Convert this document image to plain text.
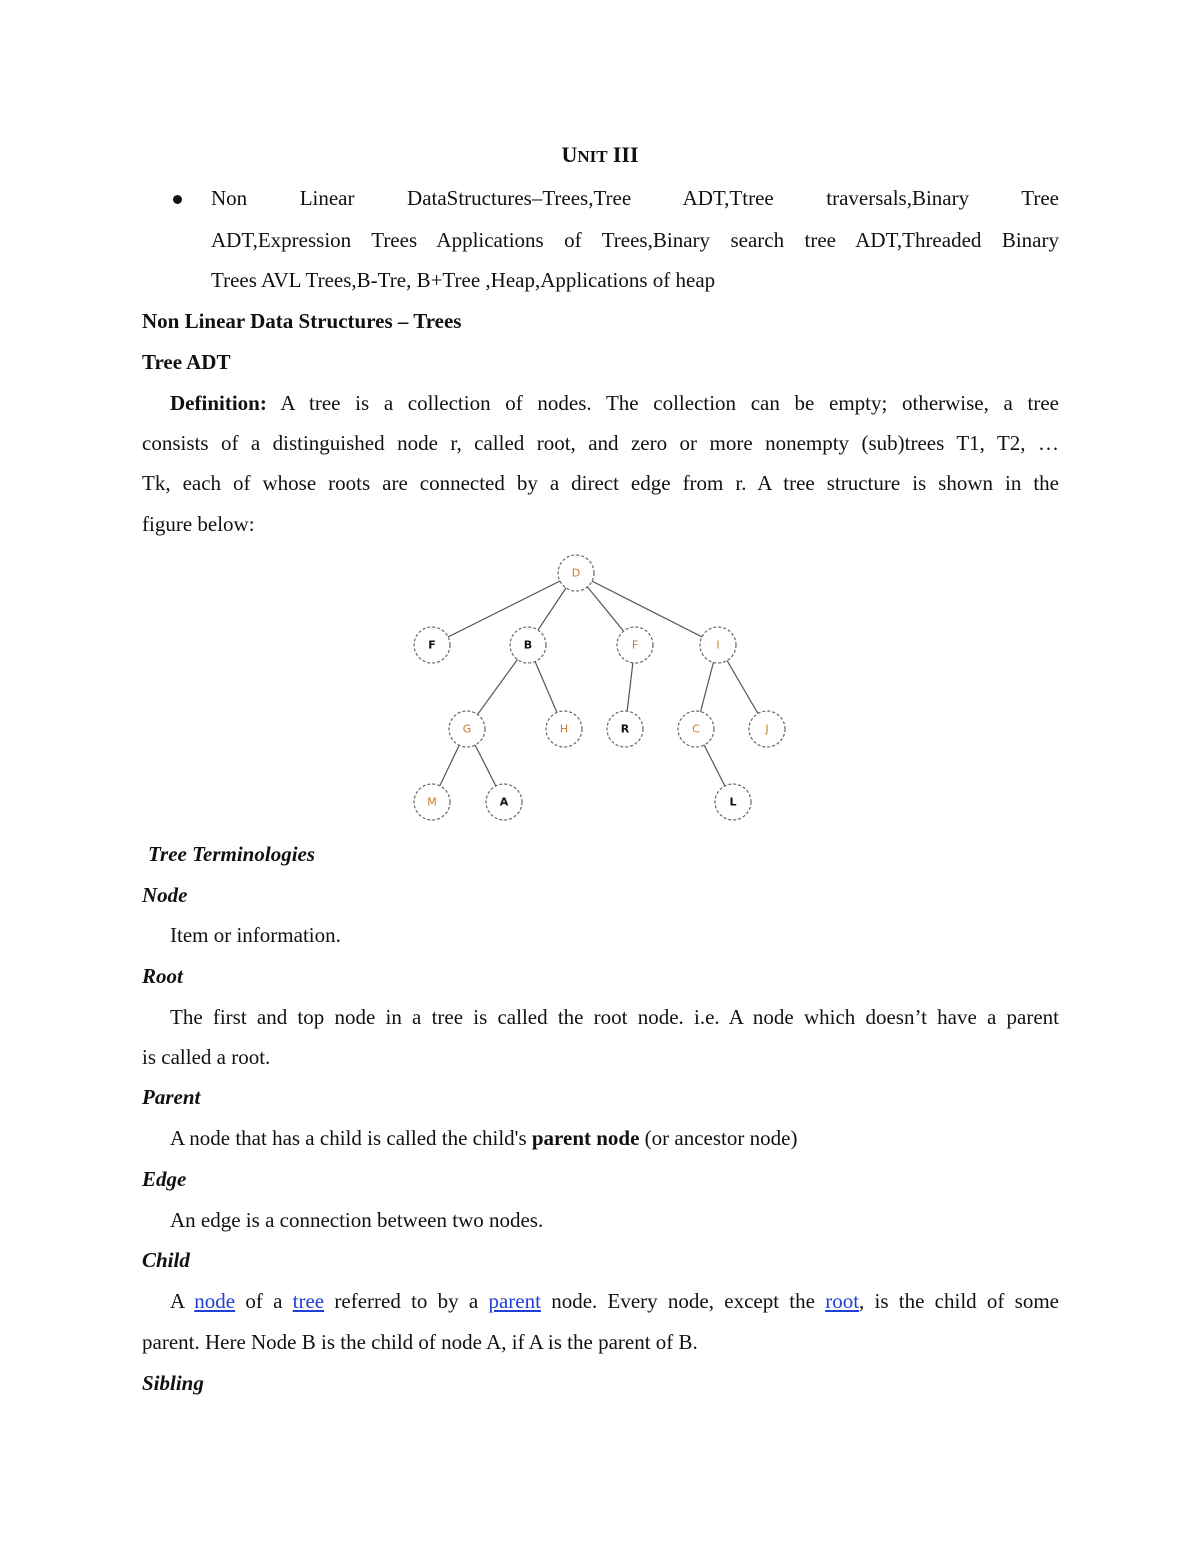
UNIT III
Non Linear DataStructures–Trees,Tree ADT,Ttree traversals,Binary Tree
ADT,Expression Trees Applications of Trees,Binary search tree ADT,Threaded Binary
Trees AVL Trees,B-Tre, B+Tree ,Heap,Applications of heap
Non Linear Data Structures – Trees
Tree ADT
Definition: A tree is a collection of nodes. The collection can be empty; otherwise, a tree
consists of a distinguished node r, called root, and zero or more nonempty (sub)trees T1, T2, …
Tk, each of whose roots are connected by a direct edge from r. A tree structure is shown in the
figure below:
D
F	B	F	I
G	H	R	C	J
M	A	L
Tree Terminologies
Node
Item or information.
Root
The first and top node in a tree is called the root node. i.e. A node which doesn’t have a parent
is called a root.
Parent
A node that has a child is called the child's parent node (or ancestor node)
Edge
An edge is a connection between two nodes.
Child
A node of a tree referred to by a parent node. Every node, except the root, is the child of some
parent. Here Node B is the child of node A, if A is the parent of B.
Sibling
